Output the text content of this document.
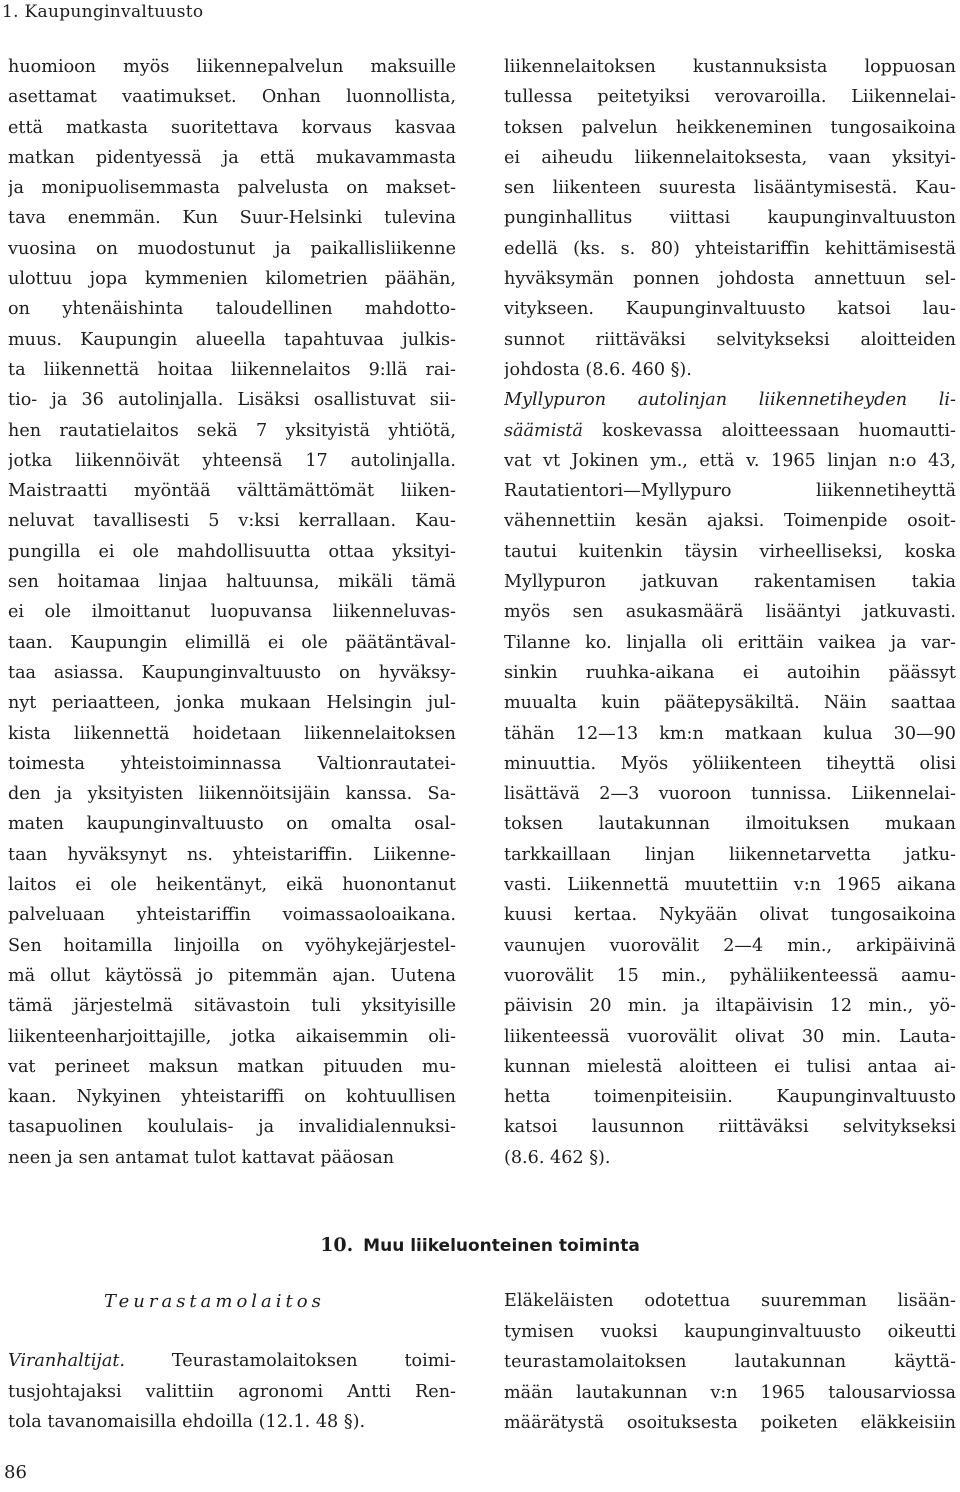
1. Kaupunginvaltuusto
huomioon myös liikennepalvelun maksuille
asettamat vaatimukset. Onhan luonnollista,
että matkasta suoritettava korvaus kasvaa
matkan pidentyessä ja että mukavammasta
ja monipuolisemmasta palvelusta on makset-
tava enemmän. Kun Suur-Helsinki tulevina
vuosina on muodostunut ja paikallisliikenne
ulottuu jopa kymmenien kilometrien päähän,
on yhtenäishinta taloudellinen mahdotto-
muus. Kaupungin alueella tapahtuvaa julkis-
ta liikennettä hoitaa liikennelaitos 9:llä rai-
tio- ja 36 autolinjalla. Lisäksi osallistuvat sii-
hen rautatielaitos sekä 7 yksityistä yhtiötä,
jotka liikennöivät yhteensä 17 autolinjalla.
Maistraatti myöntää välttämättömät liiken-
neluvat tavallisesti 5 v:ksi kerrallaan. Kau-
pungilla ei ole mahdollisuutta ottaa yksityi-
sen hoitamaa linjaa haltuunsa, mikäli tämä
ei ole ilmoittanut luopuvansa liikenneluvas-
taan. Kaupungin elimillä ei ole päätäntäval-
taa asiassa. Kaupunginvaltuusto on hyväksy-
nyt periaatteen, jonka mukaan Helsingin jul-
kista liikennettä hoidetaan liikennelaitoksen
toimesta yhteistoiminnassa Valtionrautatei-
den ja yksityisten liikennöitsijäin kanssa. Sa-
maten kaupunginvaltuusto on omalta osal-
taan hyväksynyt ns. yhteistariffin. Liikenne-
laitos ei ole heikentänyt, eikä huonontanut
palveluaan yhteistariffin voimassaoloaikana.
Sen hoitamilla linjoilla on vyöhykejärjestel-
mä ollut käytössä jo pitemmän ajan. Uutena
tämä järjestelmä sitävastoin tuli yksityisille
liikenteenharjoittajille, jotka aikaisemmin oli-
vat perineet maksun matkan pituuden mu-
kaan. Nykyinen yhteistariffi on kohtuullisen
tasapuolinen koululais- ja invalidialennuksi-
neen ja sen antamat tulot kattavat pääosan
liikennelaitoksen kustannuksista loppuosan
tullessa peitetyiksi verovaroilla. Liikennelai-
toksen palvelun heikkeneminen tungosaikoina
ei aiheudu liikennelaitoksesta, vaan yksityi-
sen liikenteen suuresta lisääntymisestä. Kau-
punginhallitus viittasi kaupunginvaltuuston
edellä (ks. s. 80) yhteistariffin kehittämisestä
hyväksymän ponnen johdosta annettuun sel-
vitykseen. Kaupunginvaltuusto katsoi lau-
sunnot riittäväksi selvitykseksi aloitteiden
johdosta (8.6. 460 §).
Myllypuron autolinjan liikennetiheyden li-
säämistä koskevassa aloitteessaan huomautti-
vat vt Jokinen ym., että v. 1965 linjan n:o 43,
Rautatientori—Myllypuro liikennetiheyttä
vähennettiin kesän ajaksi. Toimenpide osoit-
tautui kuitenkin täysin virheelliseksi, koska
Myllypuron jatkuvan rakentamisen takia
myös sen asukasmäärä lisääntyi jatkuvasti.
Tilanne ko. linjalla oli erittäin vaikea ja var-
sinkin ruuhka-aikana ei autoihin päässyt
muualta kuin päätepysäkiltä. Näin saattaa
tähän 12—13 km:n matkaan kulua 30—90
minuuttia. Myös yöliikenteen tiheyttä olisi
lisättävä 2—3 vuoroon tunnissa. Liikennelai-
toksen lautakunnan ilmoituksen mukaan
tarkkaillaan linjan liikennetarvetta jatku-
vasti. Liikennettä muutettiin v:n 1965 aikana
kuusi kertaa. Nykyään olivat tungosaikoina
vaunujen vuorovälit 2—4 min., arkipäivinä
vuorovälit 15 min., pyhäliikenteessä aamu-
päivisin 20 min. ja iltapäivisin 12 min., yö-
liikenteessä vuorovälit olivat 30 min. Lauta-
kunnan mielestä aloitteen ei tulisi antaa ai-
hetta toimenpiteisiin. Kaupunginvaltuusto
katsoi lausunnon riittäväksi selvitykseksi
(8.6. 462 §).
10. Muu liikeluonteinen toiminta
Teurastamolaitos
Viranhaltijat. Teurastamolaitoksen toimi-
tusjohtajaksi valittiin agronomi Antti Ren-
tola tavanomaisilla ehdoilla (12.1. 48 §).
Eläkeläisten odotettua suuremman lisään-
tymisen vuoksi kaupunginvaltuusto oikeutti
teurastamolaitoksen lautakunnan käyttä-
mään lautakunnan v:n 1965 talousarviossa
määrätystä osoituksesta poiketen eläkkeisiin
86
